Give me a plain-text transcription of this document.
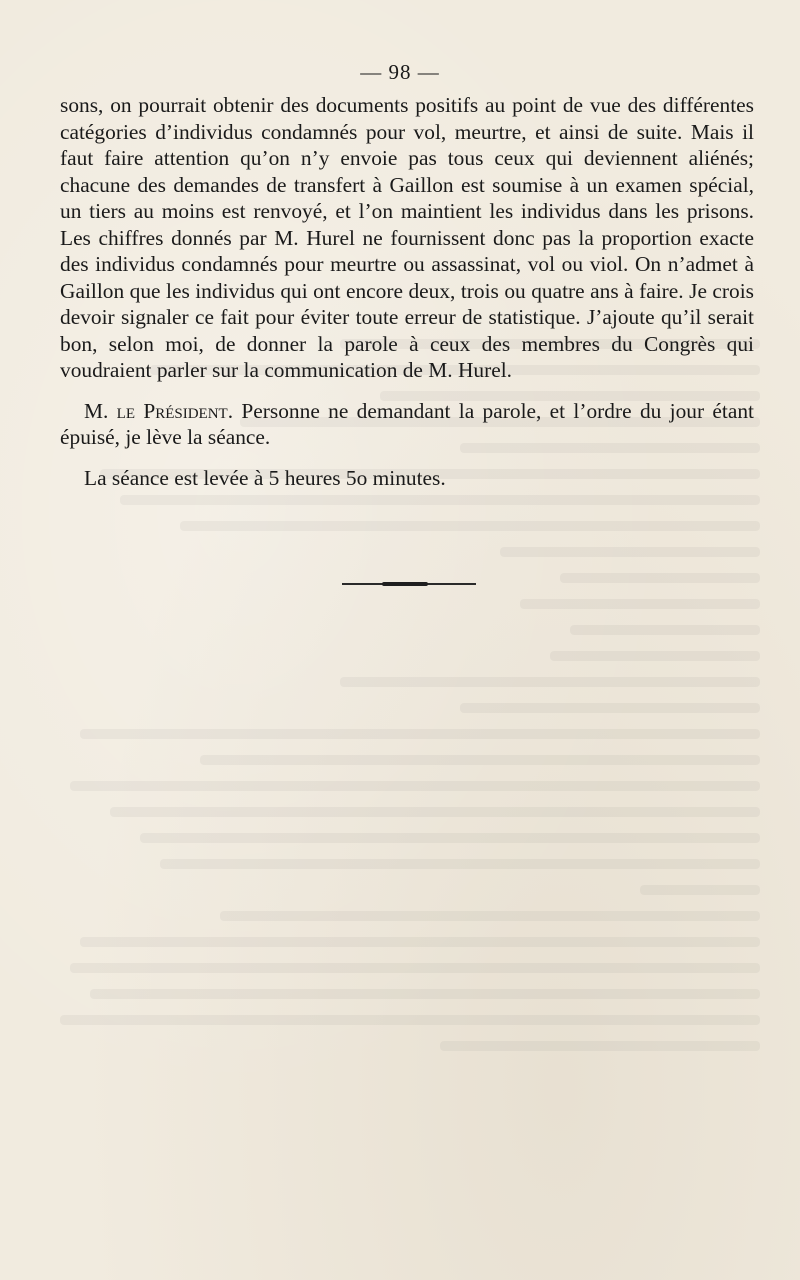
— 98 —

sons, on pourrait obtenir des documents positifs au point de vue des différentes catégories d’individus condamnés pour vol, meurtre, et ainsi de suite. Mais il faut faire attention qu’on n’y envoie pas tous ceux qui deviennent aliénés; chacune des demandes de transfert à Gaillon est soumise à un examen spécial, un tiers au moins est renvoyé, et l’on maintient les individus dans les prisons. Les chiffres donnés par M. Hurel ne fournissent donc pas la proportion exacte des individus condamnés pour meurtre ou assassinat, vol ou viol. On n’admet à Gaillon que les individus qui ont encore deux, trois ou quatre ans à faire. Je crois devoir signaler ce fait pour éviter toute erreur de statistique. J’ajoute qu’il serait bon, selon moi, de donner la parole à ceux des membres du Congrès qui voudraient parler sur la communication de M. Hurel.

M. le Président. Personne ne demandant la parole, et l’ordre du jour étant épuisé, je lève la séance.

La séance est levée à 5 heures 5o minutes.
